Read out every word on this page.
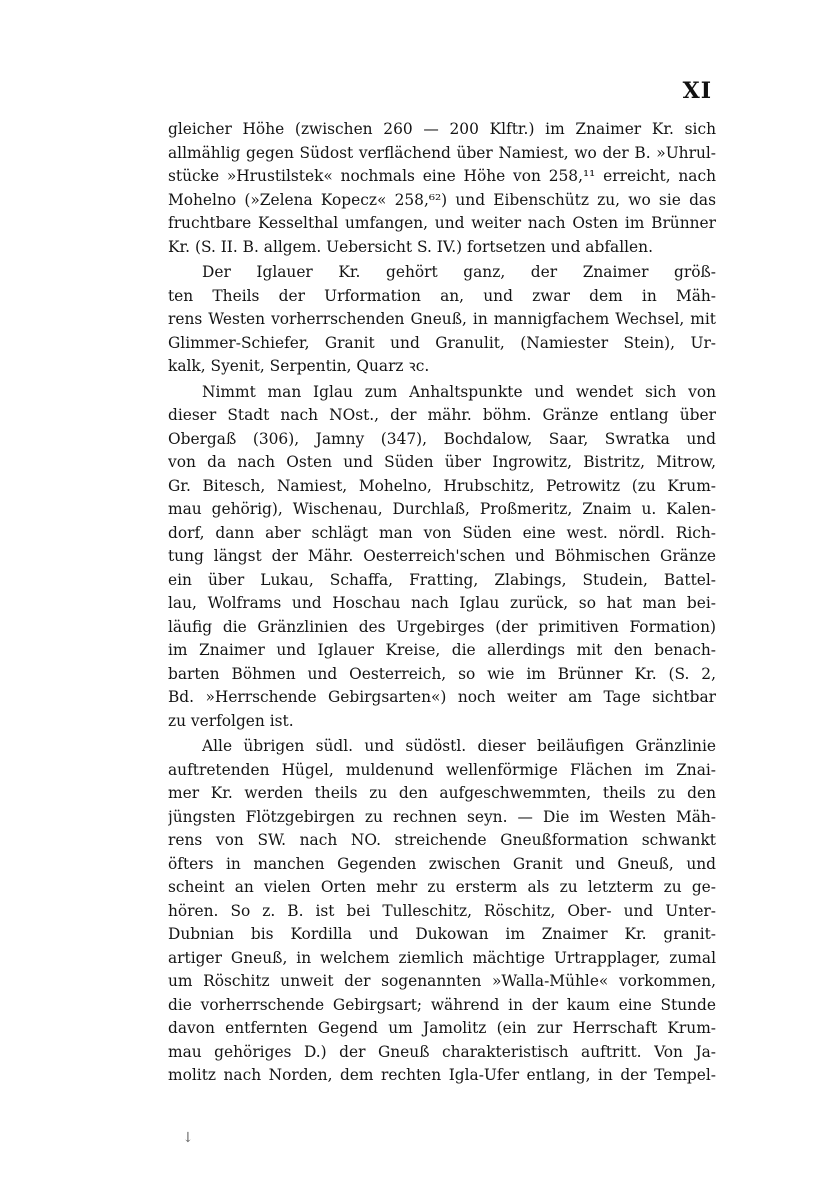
XI
gleicher Höhe (zwischen 260 — 200 Klftr.) im Znaimer Kr. sich
allmählig gegen Südost verflächend über Namiest, wo der B. »Uhrul-
stücke »Hrustilstek« nochmals eine Höhe von 258,¹¹ erreicht, nach
Mohelno (»Zelena Kopecz« 258,⁶²) und Eibenschütz zu, wo sie das
fruchtbare Kesselthal umfangen, und weiter nach Osten im Brünner
Kr. (S. II. B. allgem. Uebersicht S. IV.) fortsetzen und abfallen.
Der Iglauer Kr. gehört ganz, der Znaimer größ-
ten Theils der Urformation an, und zwar dem in Mäh-
rens Westen vorherrschenden Gneuß, in mannigfachem Wechsel, mit
Glimmer-Schiefer, Granit und Granulit, (Namiester Stein), Ur-
kalk, Syenit, Serpentin, Quarz ꝛc.
Nimmt man Iglau zum Anhaltspunkte und wendet sich von
dieser Stadt nach NOst., der mähr. böhm. Gränze entlang über
Obergaß (306), Jamny (347), Bochdalow, Saar, Swratka und
von da nach Osten und Süden über Ingrowitz, Bistritz, Mitrow,
Gr. Bitesch, Namiest, Mohelno, Hrubschitz, Petrowitz (zu Krum-
mau gehörig), Wischenau, Durchlaß, Proßmeritz, Znaim u. Kalen-
dorf, dann aber schlägt man von Süden eine west. nördl. Rich-
tung längst der Mähr. Oesterreich'schen und Böhmischen Gränze
ein über Lukau, Schaffa, Fratting, Zlabings, Studein, Battel-
lau, Wolframs und Hoschau nach Iglau zurück, so hat man bei-
läufig die Gränzlinien des Urgebirges (der primitiven Formation)
im Znaimer und Iglauer Kreise, die allerdings mit den benach-
barten Böhmen und Oesterreich, so wie im Brünner Kr. (S. 2,
Bd. »Herrschende Gebirgsarten«) noch weiter am Tage sichtbar
zu verfolgen ist.
Alle übrigen südl. und südöstl. dieser beiläufigen Gränzlinie
auftretenden Hügel, muldenund wellenförmige Flächen im Znai-
mer Kr. werden theils zu den aufgeschwemmten, theils zu den
jüngsten Flötzgebirgen zu rechnen seyn. — Die im Westen Mäh-
rens von SW. nach NO. streichende Gneußformation schwankt
öfters in manchen Gegenden zwischen Granit und Gneuß, und
scheint an vielen Orten mehr zu ersterm als zu letzterm zu ge-
hören. So z. B. ist bei Tulleschitz, Röschitz, Ober- und Unter-
Dubnian bis Kordilla und Dukowan im Znaimer Kr. granit-
artiger Gneuß, in welchem ziemlich mächtige Urtrapplager, zumal
um Röschitz unweit der sogenannten »Walla-Mühle« vorkommen,
die vorherrschende Gebirgsart; während in der kaum eine Stunde
davon entfernten Gegend um Jamolitz (ein zur Herrschaft Krum-
mau gehöriges D.) der Gneuß charakteristisch auftritt. Von Ja-
molitz nach Norden, dem rechten Igla-Ufer entlang, in der Tempel-
↓
